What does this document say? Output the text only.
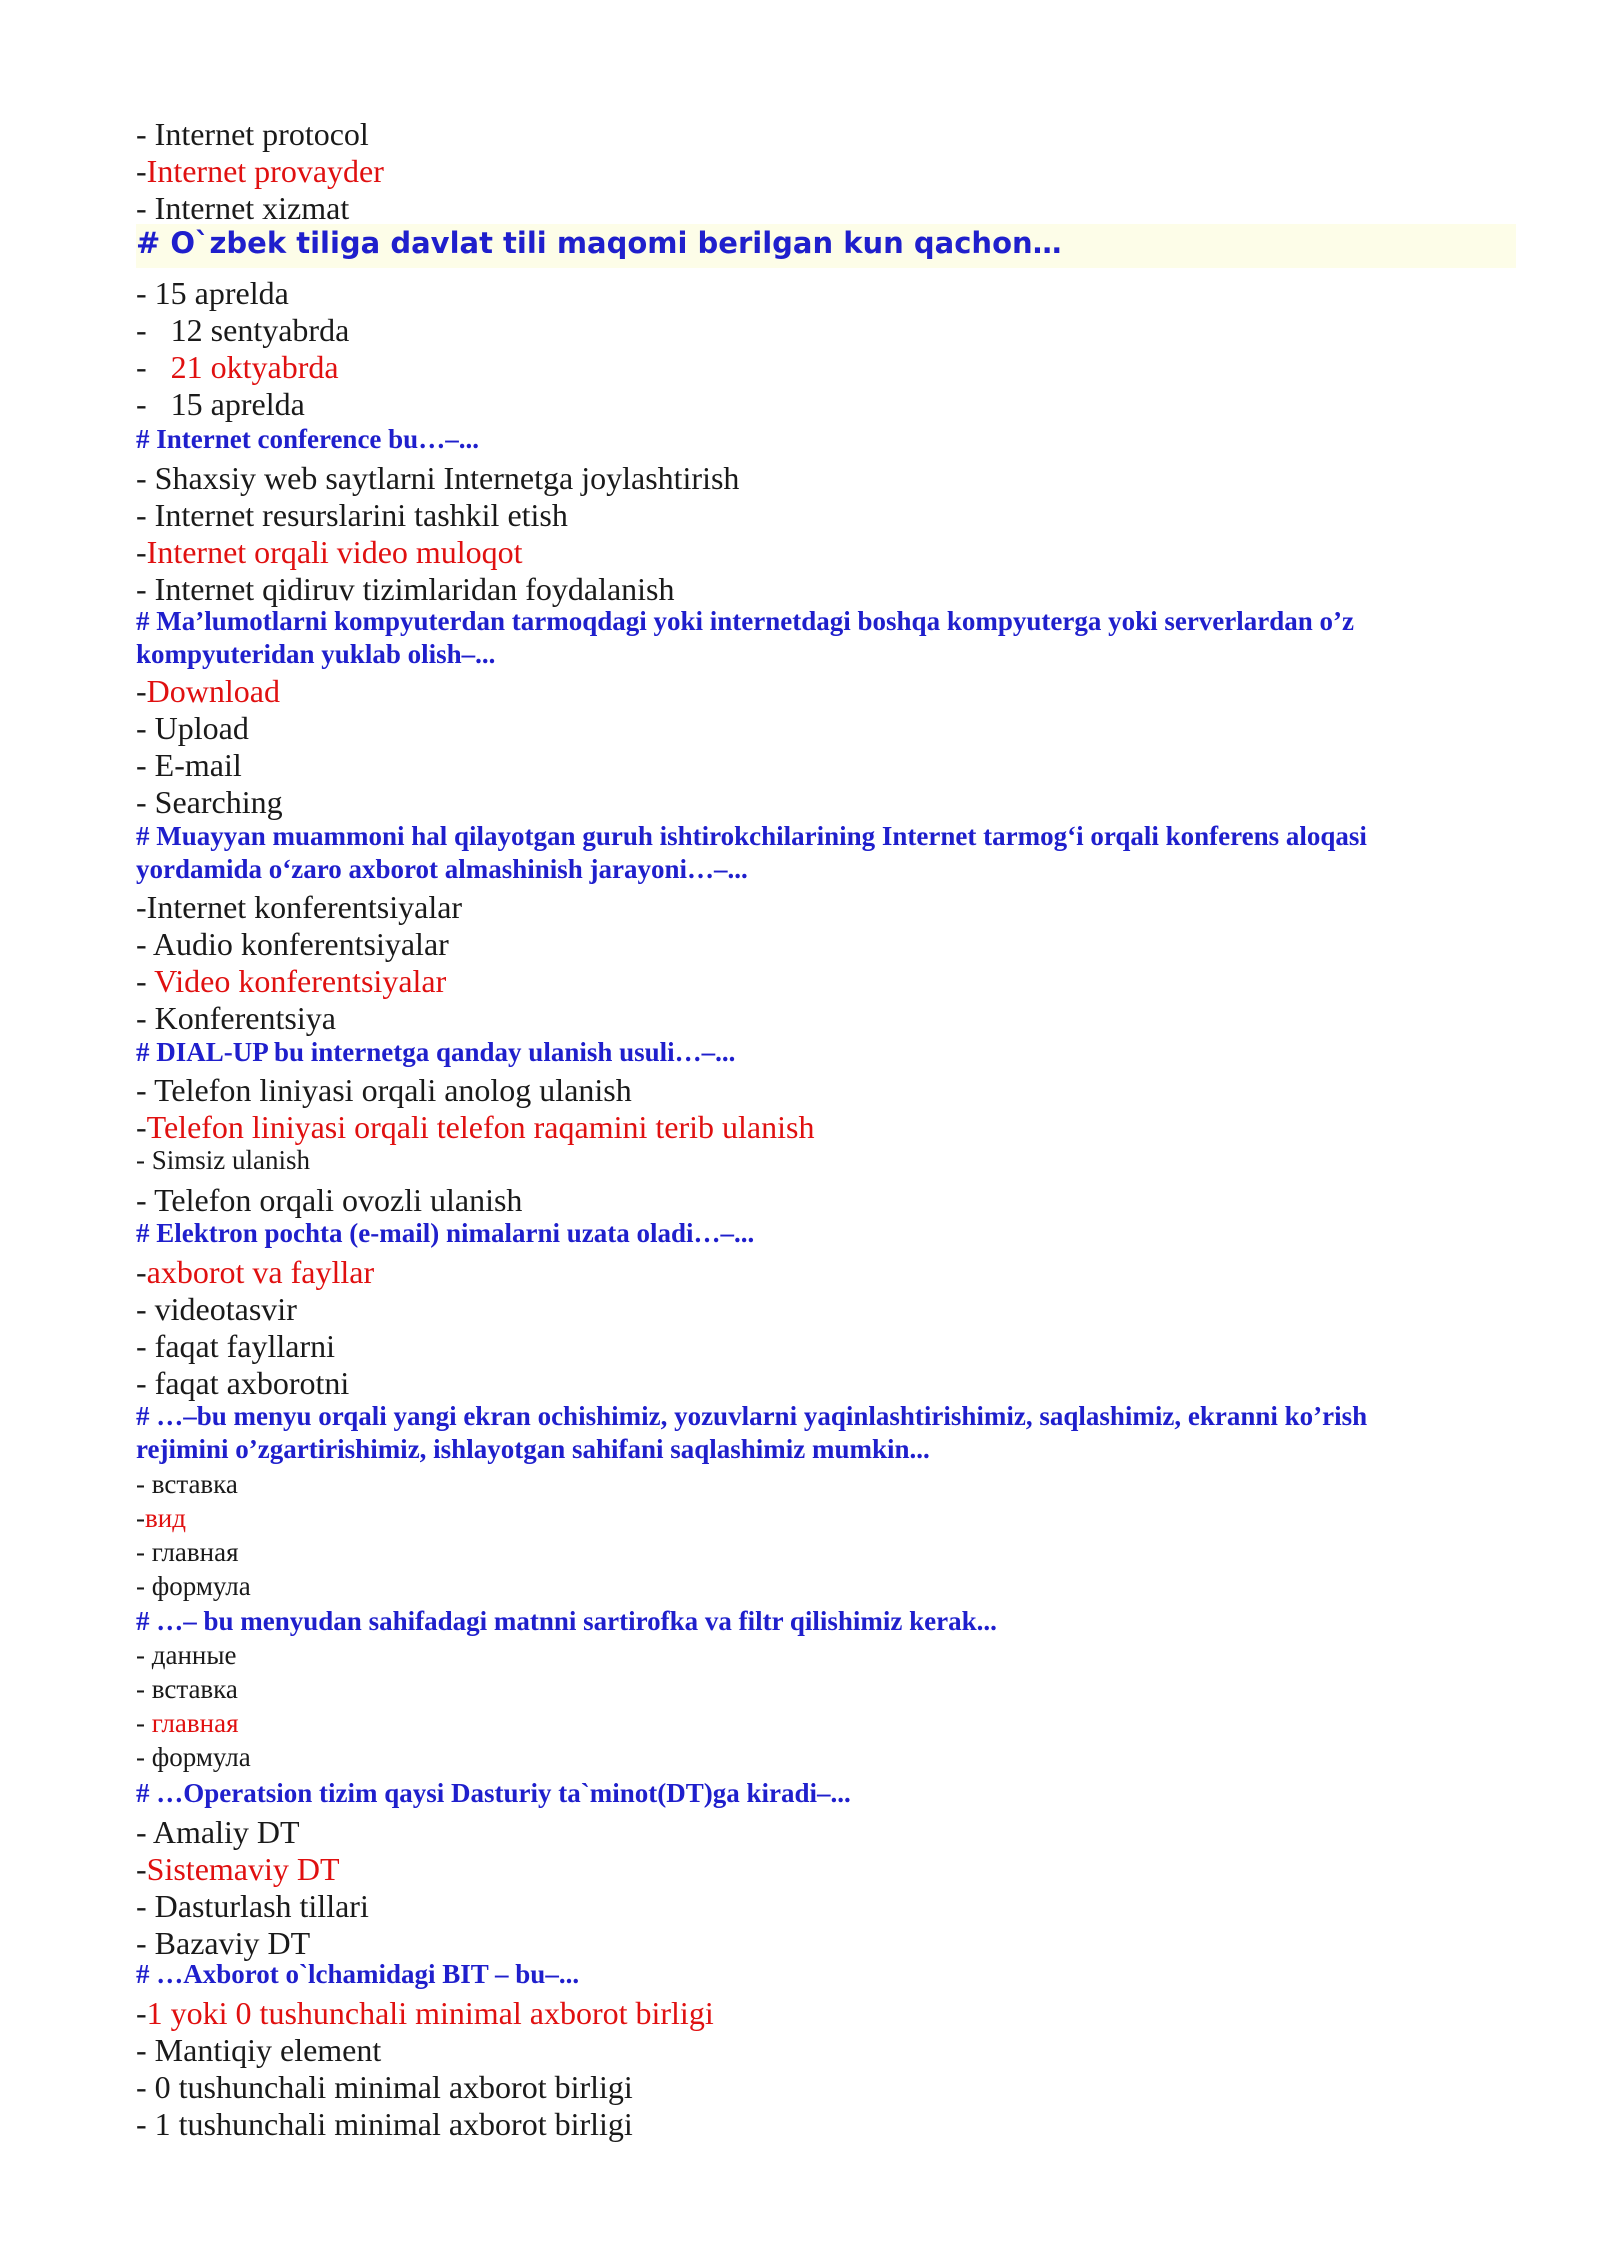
- Internet protocol
-Internet provayder
- Internet xizmat
# O`zbek tiliga davlat tili maqomi berilgan kun qachon…
- 15 aprelda
-   12 sentyabrda
-   21 oktyabrda
-   15 aprelda
# Internet conference bu…–...
- Shaxsiy web saytlarni Internetga joylashtirish
- Internet resurslarini tashkil etish
-Internet orqali video muloqot
- Internet qidiruv tizimlaridan foydalanish
# Ma’lumotlarni kompyuterdan tarmoqdagi yoki internetdagi boshqa kompyuterga yoki serverlardan o’z
kompyuteridan yuklab olish–...
-Download
- Upload
- E-mail
- Searching
# Muayyan muammoni hal qilayotgan guruh ishtirokchilarining Internet tarmog‘i orqali konferens aloqasi
yordamida o‘zaro axborot almashinish jarayoni…–...
-Internet konferentsiyalar
- Audio konferentsiyalar
- Video konferentsiyalar
- Konferentsiya
# DIAL-UP bu internetga qanday ulanish usuli…–...
- Telefon liniyasi orqali anolog ulanish
-Telefon liniyasi orqali telefon raqamini terib ulanish
- Simsiz ulanish
- Telefon orqali ovozli ulanish
# Elektron pochta (e-mail) nimalarni uzata oladi…–...
-axborot va fayllar
- videotasvir
- faqat fayllarni
- faqat axborotni
# …–bu menyu orqali yangi ekran ochishimiz, yozuvlarni yaqinlashtirishimiz, saqlashimiz, ekranni ko’rish
rejimini o’zgartirishimiz, ishlayotgan sahifani saqlashimiz mumkin...
- вставка
-вид
- главная
- формула
# …– bu menyudan sahifadagi matnni sartirofka va filtr qilishimiz kerak...
- данные
- вставка
- главная
- формула
# …Operatsion tizim qaysi Dasturiy ta`minot(DT)ga kiradi–...
- Amaliy DT
-Sistemaviy DT
- Dasturlash tillari
- Bazaviy DT
# …Axborot o`lchamidagi BIT – bu–...
-1 yoki 0 tushunchali minimal axborot birligi
- Mantiqiy element
- 0 tushunchali minimal axborot birligi
- 1 tushunchali minimal axborot birligi
